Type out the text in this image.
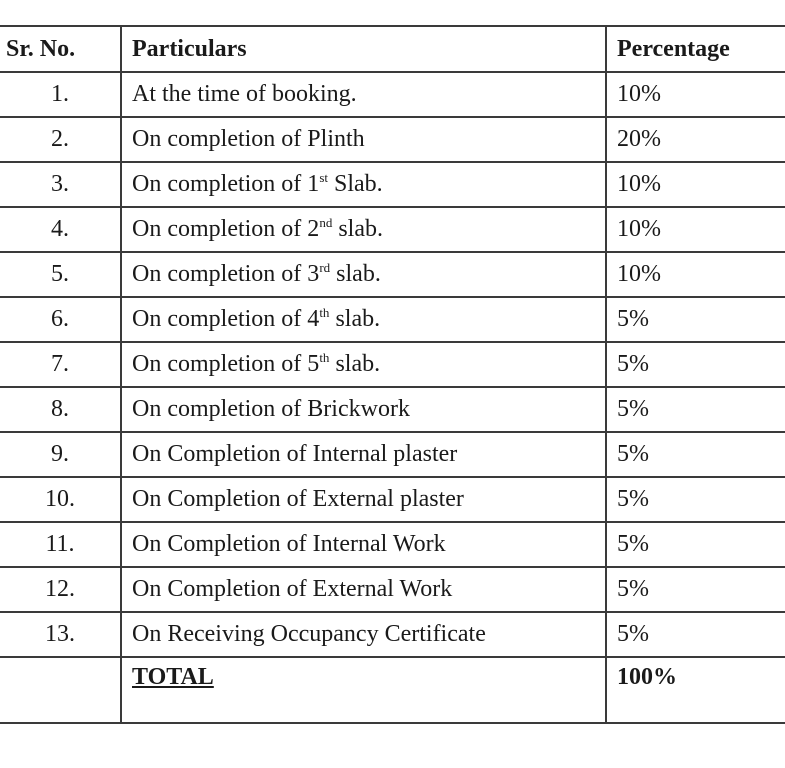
Sr. No.	Particulars	Percentage
1.	At the time of booking.	10%
2.	On completion of Plinth	20%
3.	On completion of 1st Slab.	10%
4.	On completion of 2nd slab.	10%
5.	On completion of 3rd slab.	10%
6.	On completion of 4th slab.	5%
7.	On completion of 5th slab.	5%
8.	On completion of Brickwork	5%
9.	On Completion of Internal plaster	5%
10.	On Completion of External plaster	5%
11.	On Completion of Internal Work	5%
12.	On Completion of External Work	5%
13.	On Receiving Occupancy Certificate	5%
	TOTAL	100%
